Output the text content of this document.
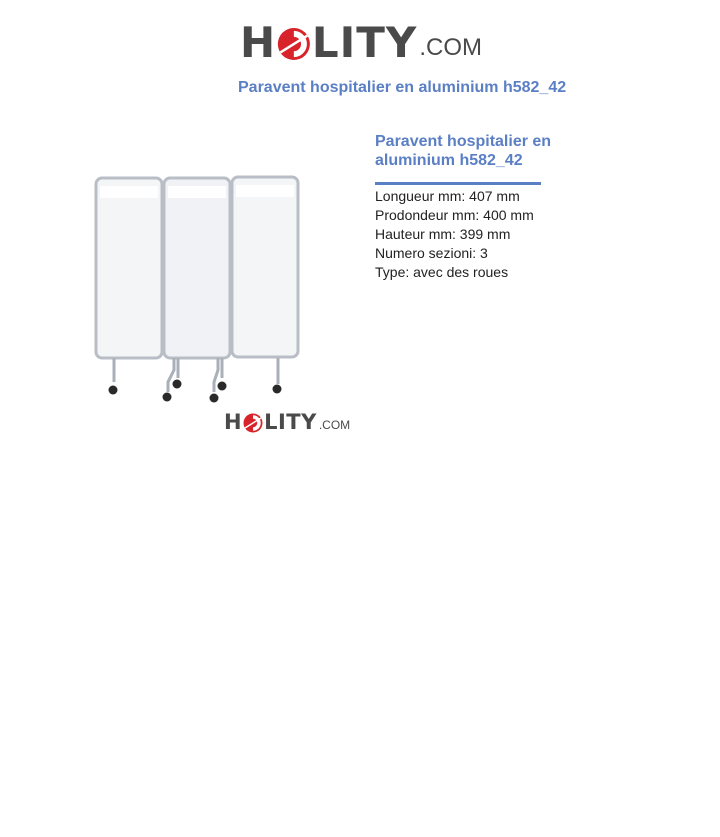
H LITY .COM
Paravent hospitalier en aluminium h582_42
H LITY .COM
Paravent hospitalier en aluminium h582_42
Longueur mm: 407 mm
Prodondeur mm: 400 mm
Hauteur mm: 399 mm
Numero sezioni: 3
Type: avec des roues
